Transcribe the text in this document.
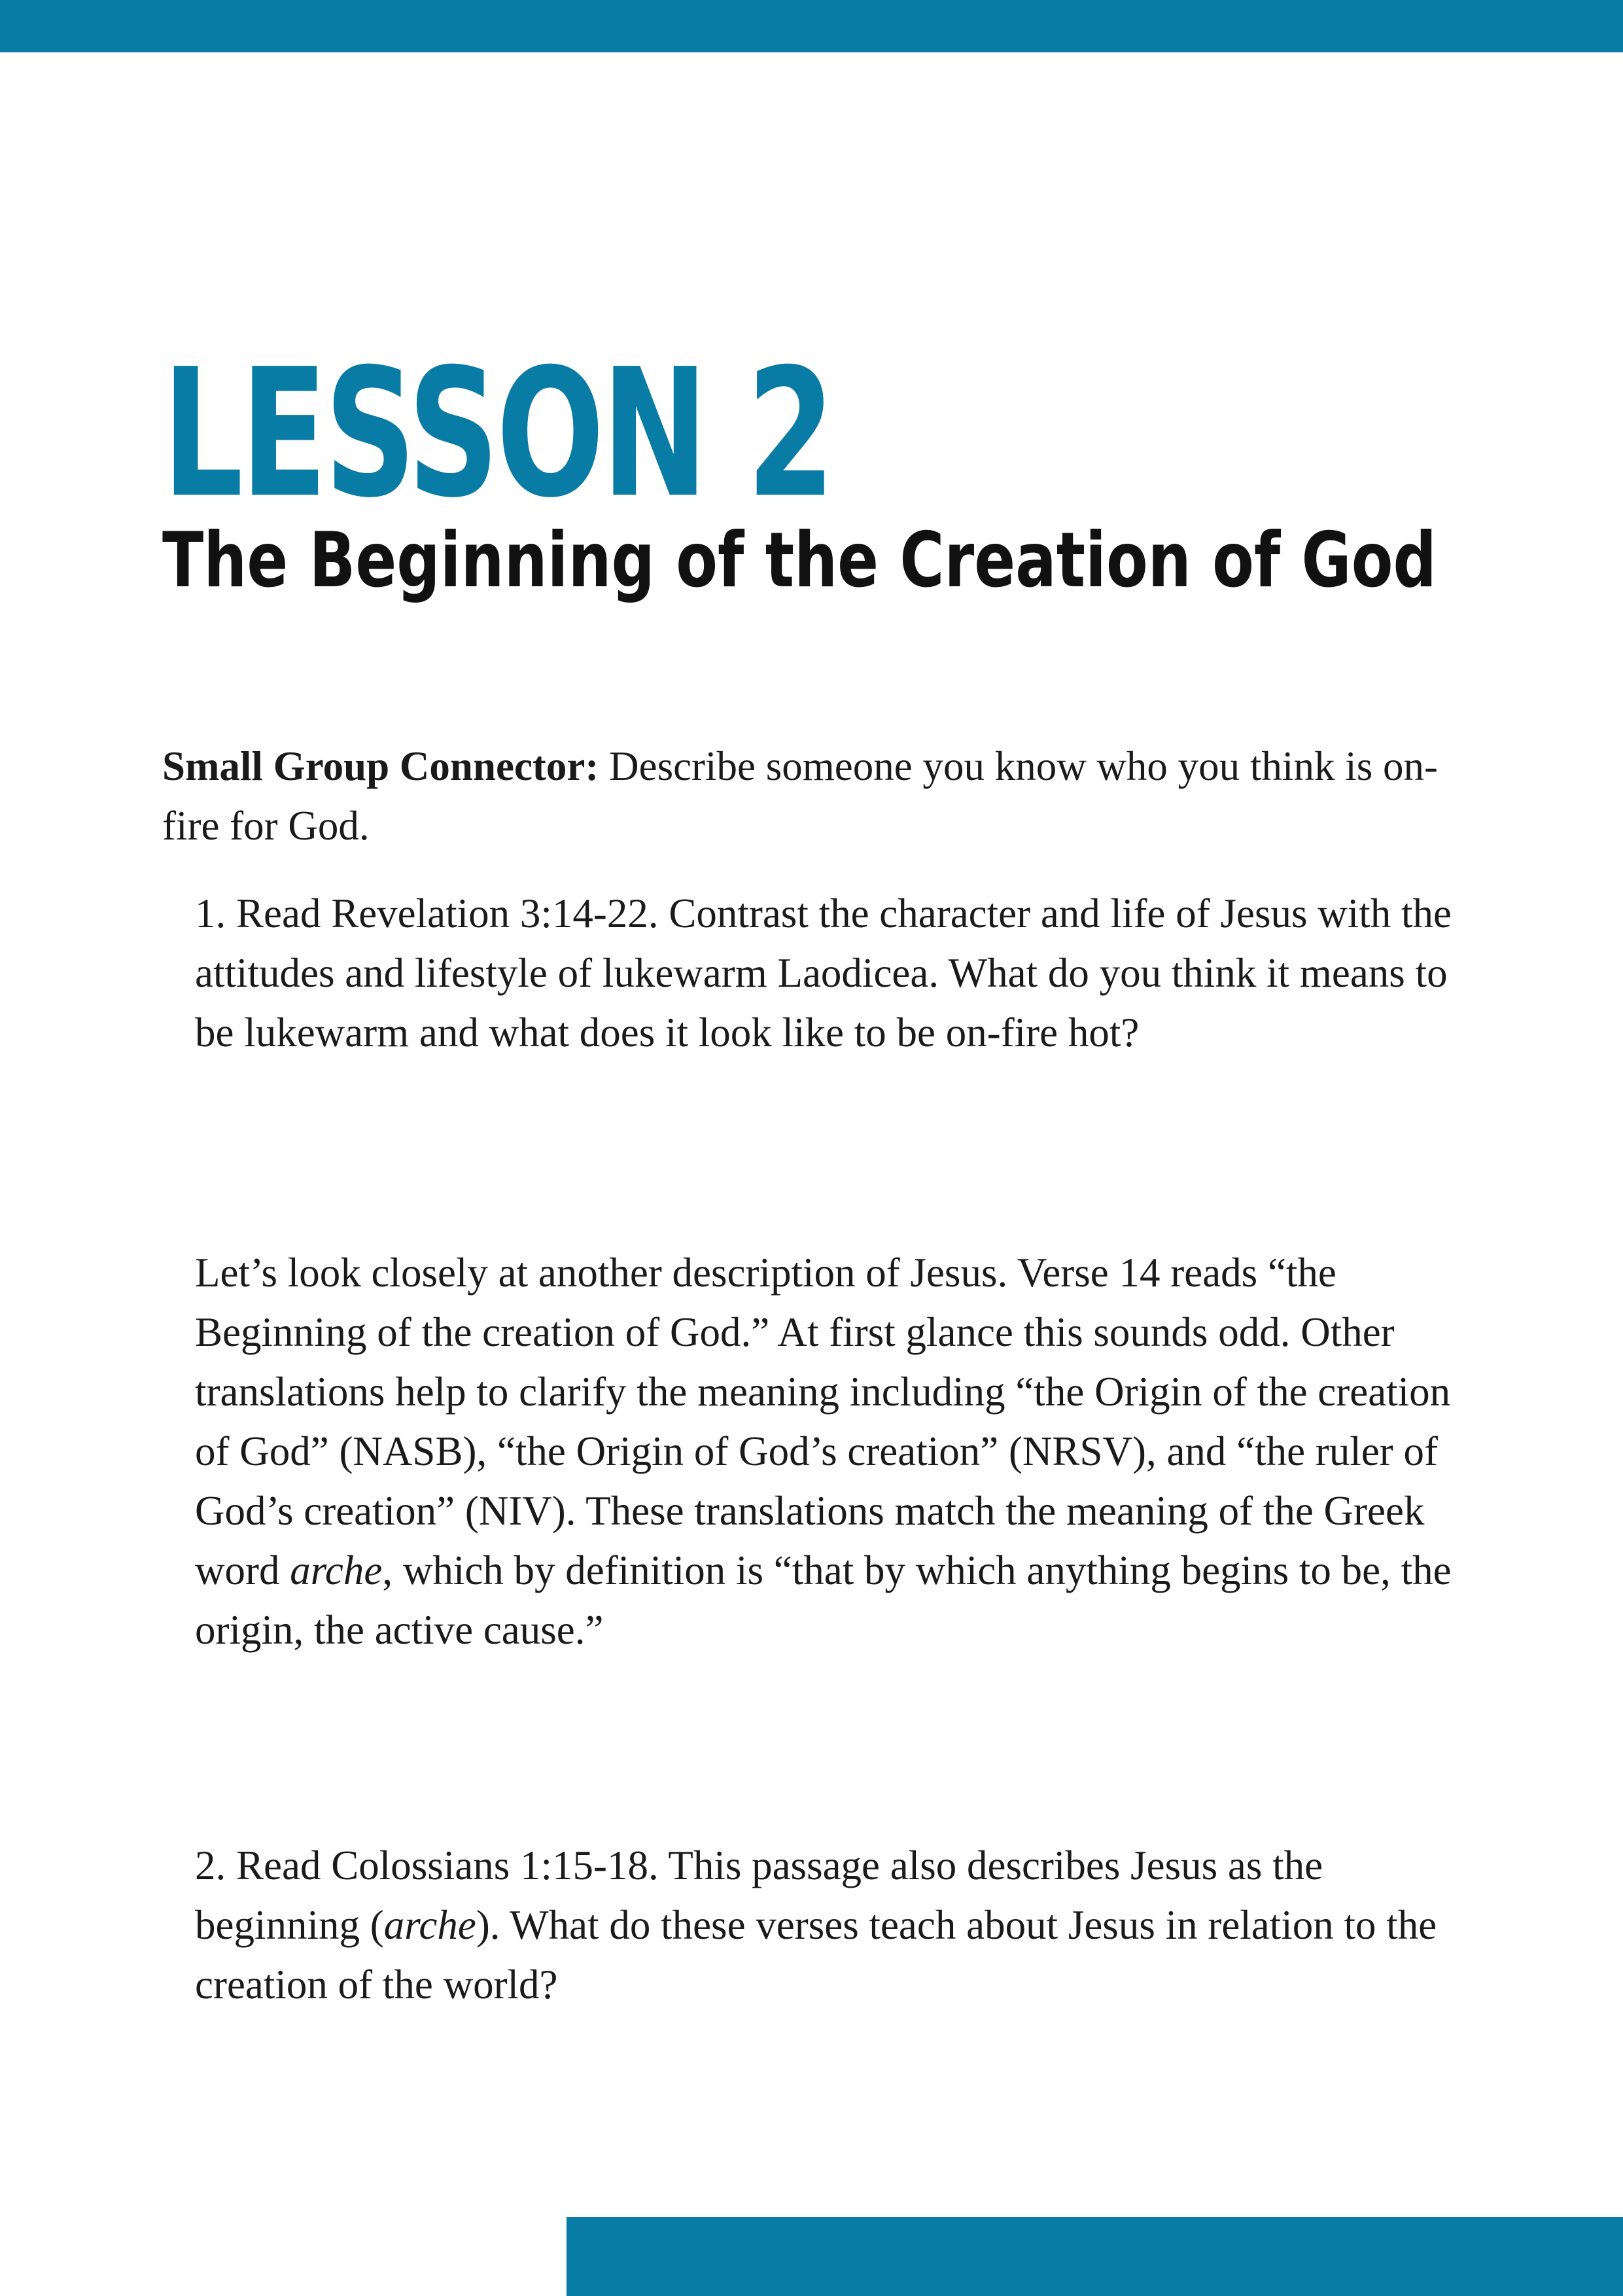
LESSON 2
The Beginning of the Creation of God

Small Group Connector: Describe someone you know who you think is on-fire for God.

1. Read Revelation 3:14-22. Contrast the character and life of Jesus with the attitudes and lifestyle of lukewarm Laodicea. What do you think it means to be lukewarm and what does it look like to be on-fire hot?

Let’s look closely at another description of Jesus. Verse 14 reads “the Beginning of the creation of God.” At first glance this sounds odd. Other translations help to clarify the meaning including “the Origin of the creation of God” (NASB), “the Origin of God’s creation” (NRSV), and “the ruler of God’s creation” (NIV). These translations match the meaning of the Greek word arche, which by definition is “that by which anything begins to be, the origin, the active cause.”

2. Read Colossians 1:15-18. This passage also describes Jesus as the beginning (arche). What do these verses teach about Jesus in relation to the creation of the world?
